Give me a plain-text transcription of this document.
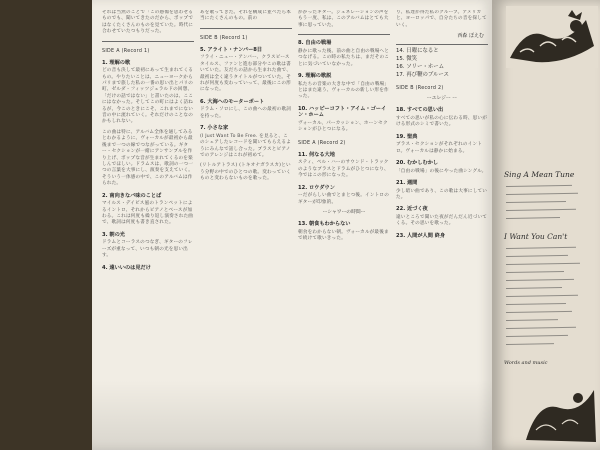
それは当然のことで「この感傷を思わせるものでも、聞いてきたのだから、ポップではなくたくさんのものを見ていた。時代に合わせていたつもりだった。

SIDE A (Record 1)
1. 理解の歌

どの音も決して最初にあって生まれてくるもの。やりたいことは、ニューヨークからパリまで旅した私の一番の思い出とパリの町、ゼルダ・フィッツジェラルドの回想、「だけの話ではない」と書いたのは、ここにはなかった。そしてこの町にはよく訪ねるが、今このときにこそ、これまでにない音の中に流れていく。それだけのことなのかもしれない。

この曲は特に、アルバム全体を通してみるとわかるように、ヴォーカルが最初から最後まで一つの線でつながっている。ギター・セクションが一緒にアンサンブルを作り上げ、ポップな音が生まれてくるのを楽しんでほしい。ドラムスは、歌詞の一つ一つの言葉を大事にし、演奏を支えていく。そういう一体感の中で、このアルバムは作られた。

2. 南向きなバ味のことば

マイルス・デイビス風のトランペットによるイントロ、それからピアノとベースが加わる。これは何度も繰り返し演奏された曲で、歌詞は何度も書き直された。

3. 朝の光

ドラムとコーラスのつなぎ、ギターのフレーズが重なって、いつも朝の光を思い出す。

4. 遠いいのは見だけ

あを歌ってきた。それを構成に並べたら本当にたくさんのもの。前の

SIDE B (Record 1)
5. アライト・ナンバー8日

フライ・ニュー・アンバー、クラスピースタイルス、ファンと進む部分やこの歌は書いていた。友だちの話から生まれた曲で、最初は全く違うタイトルがついていた。それが何度も変わっていって、最後にこの形になった。

6. 大海へのモーターボート

ドラム・ソロにし、この曲への最初の歌詞を持った。

7. 小さな家

(I Just Want To Be Free. を見ると、このシェアしたレコードを聞いてもらえるようにみんなで話し合った。ブラスとピアノでのアレンジはこれが初めて。

(リトルアトラス) (トキオナガラスカ)という分野の中でのひとつの歌。変わっていくものと変わらないものを歌った。

がかったギター。ジェネレーションの声をもう一度、私は、このアルバムはとても大事に思っていた。

8. 自由の戦場

静かに歌った後、前の曲と自由の戦場へとつなげる。この時の私たちは、まだそのことに気づいていなかった。

9. 理解の歌説

私たちの音楽の大きな中で「自由の戦場」とはまた違う、ヴォーカルの新しい形を作った。

10. ハッピーコフト・アイム・ゴーイン・ホーム

ヴォーカル、パーカッション、ホーンセクションがひとつになる。

SIDE A (Record 2)
11. 何なる大地

スティ、ペル・ハーのサウンド・トラックのようなブラスとドラムがひとつになり、今ではこの形になった。

12. ロウダウン

ーだがらしい曲でとまとつ後。イントロのギターが印象的。

ーシャワーの時間ー
13. 朝食もわからない

朝食をわからない朝。ヴォーカルが最後まで続けて歌いきった。

り、私達が得た私のグループ。アメリカと、ヨーロッパで、自分たちの音を探していく。

西森 ぽえむ
14. 日曜になると
15. 微笑
16. ソリー・ホーム
17. 再び鞭のブルース
SIDE B (Record 2)
ーエレジー ー
18. すべての思い出

すべての思いが私の心に伝わる時、思いがける形式のシミで書いた。

19. 聖典

ブラス・セクションがそれぞれのイントロ。ヴォーカルは静かに始まる。

20. むかしむかし

「自由の戦場」の後にやった曲シングル。

21. 週間

少し暗い曲であり、この歌は大事にしていた。

22. 近づく夜

遠いところで聞いた夜がだんだん近づいてくる。その思いを歌った。

23. 人間が人間 終身
Sing A Mean Tune
I Want You Can't
Words and music
